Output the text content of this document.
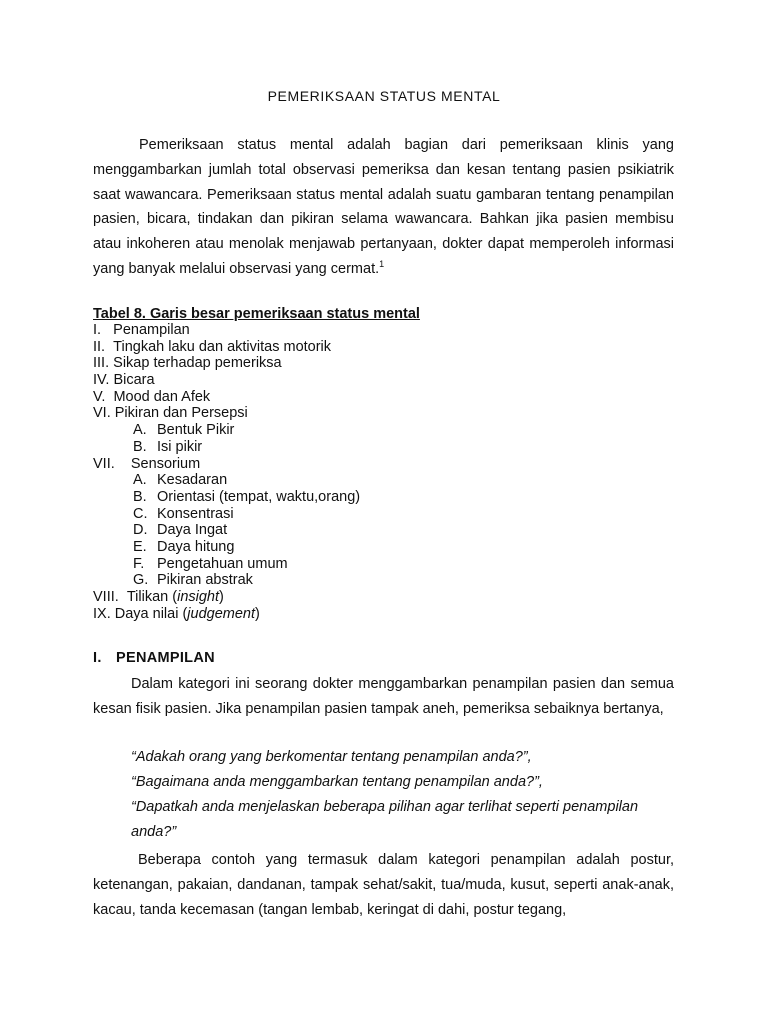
PEMERIKSAAN STATUS MENTAL

Pemeriksaan status mental adalah bagian dari pemeriksaan klinis yang menggambarkan jumlah total observasi pemeriksa dan kesan tentang pasien psikiatrik saat wawancara. Pemeriksaan status mental adalah suatu gambaran tentang penampilan pasien, bicara, tindakan dan pikiran selama wawancara. Bahkan jika pasien membisu atau inkoheren atau menolak menjawab pertanyaan, dokter dapat memperoleh informasi yang banyak melalui observasi yang cermat.$^1$

Tabel 8. Garis besar pemeriksaan status mental
I. Penampilan
II. Tingkah laku dan aktivitas motorik
III. Sikap terhadap pemeriksa
IV. Bicara
V. Mood dan Afek
VI. Pikiran dan Persepsi
A. Bentuk Pikir
B. Isi pikir
VII. Sensorium
A. Kesadaran
B. Orientasi (tempat, waktu,orang)
C. Konsentrasi
D. Daya Ingat
E. Daya hitung
F. Pengetahuan umum
G. Pikiran abstrak
VIII. Tilikan (insight)
IX. Daya nilai (judgement)
I. PENAMPILAN

Dalam kategori ini seorang dokter menggambarkan penampilan pasien dan semua kesan fisik pasien. Jika penampilan pasien tampak aneh, pemeriksa sebaiknya bertanya,

“Adakah orang yang berkomentar tentang penampilan anda?”,

“Bagaimana anda menggambarkan tentang penampilan anda?”,

“Dapatkah anda menjelaskan beberapa pilihan agar terlihat seperti penampilan anda?”

Beberapa contoh yang termasuk dalam kategori penampilan adalah postur, ketenangan, pakaian, dandanan, tampak sehat/sakit, tua/muda, kusut, seperti anak-anak, kacau, tanda kecemasan (tangan lembab, keringat di dahi, postur tegang,
